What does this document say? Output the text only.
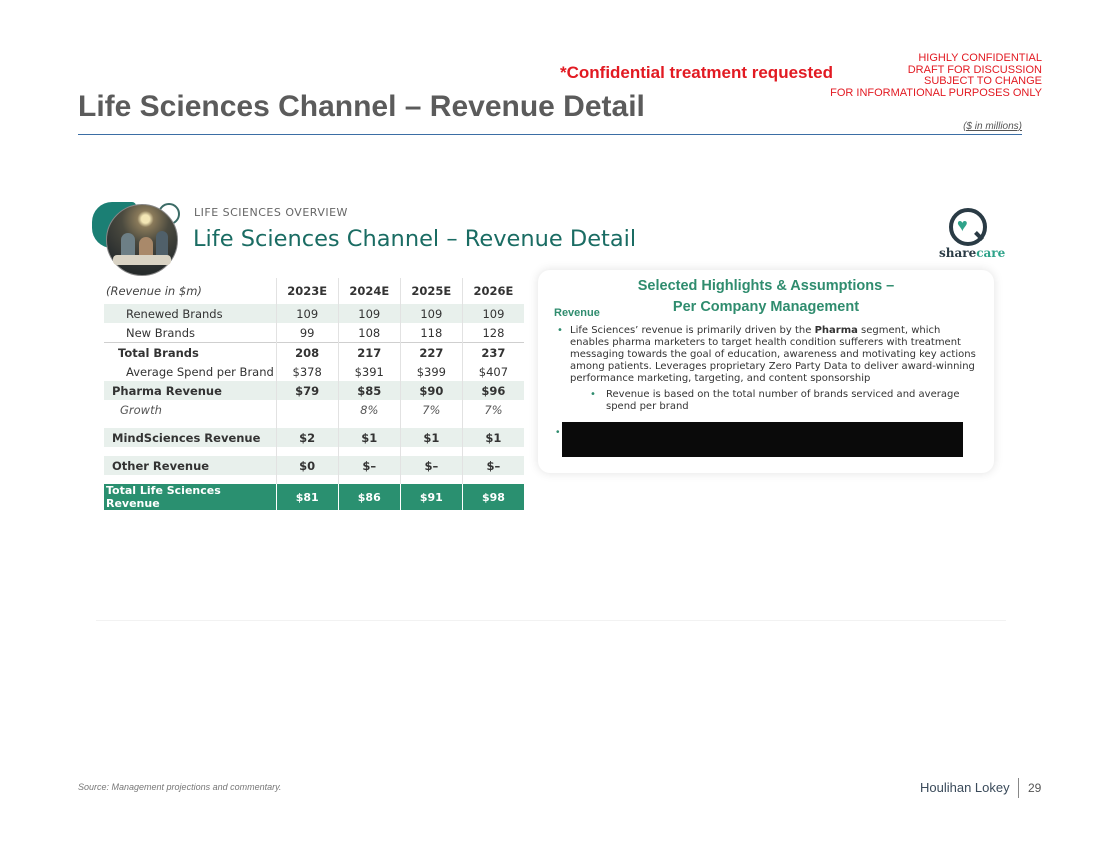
HIGHLY CONFIDENTIAL
DRAFT FOR DISCUSSION
SUBJECT TO CHANGE
FOR INFORMATIONAL PURPOSES ONLY
*Confidential treatment requested
Life Sciences Channel – Revenue Detail
($ in millions)
LIFE SCIENCES OVERVIEW
Life Sciences Channel – Revenue Detail
♥
sharecare
(Revenue in $m)	2023E	2024E	2025E	2026E
Renewed Brands	109	109	109	109
New Brands	99	108	118	128
Total Brands	208	217	227	237
Average Spend per Brand	$378	$391	$399	$407
Pharma Revenue	$79	$85	$90	$96
Growth		8%	7%	7%

MindSciences Revenue	$2	$1	$1	$1

Other Revenue	$0	$–	$–	$–

Total Life Sciences Revenue	$81	$86	$91	$98
Selected Highlights & Assumptions –
Per Company Management
Revenue
• Life Sciences’ revenue is primarily driven by the Pharma segment, which enables pharma marketers to target health condition sufferers with treatment messaging towards the goal of education, awareness and motivating key actions among patients. Leverages proprietary Zero Party Data to deliver award-winning performance marketing, targeting, and content sponsorship
• Revenue is based on the total number of brands serviced and average spend per brand
•
Source: Management projections and commentary.	Houlihan Lokey 29
